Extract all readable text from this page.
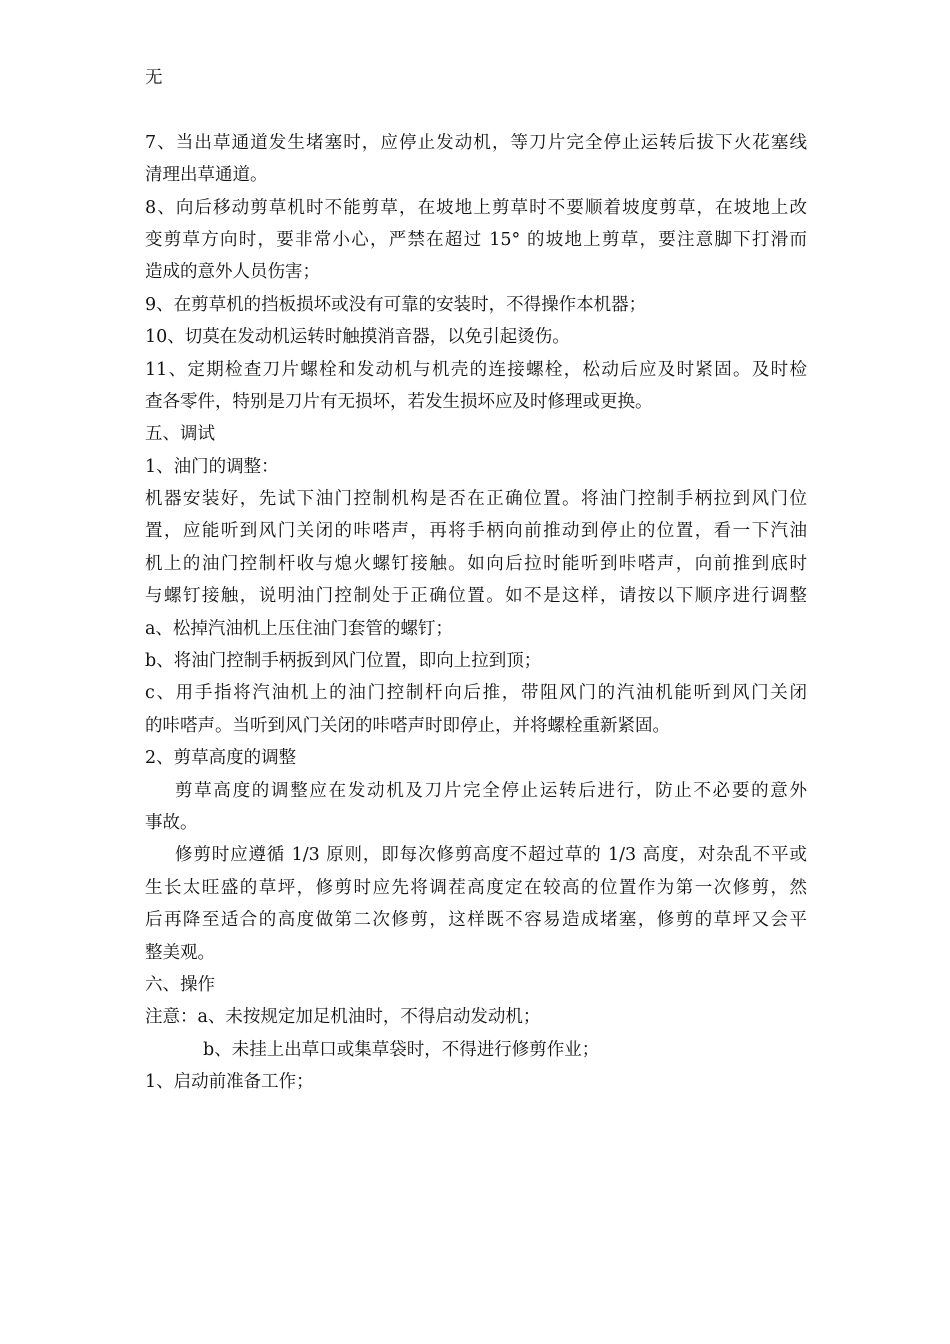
无
7、当出草通道发生堵塞时，应停止发动机，等刀片完全停止运转后拔下火花塞线
清理出草通道。
8、向后移动剪草机时不能剪草，在坡地上剪草时不要顺着坡度剪草，在坡地上改
变剪草方向时，要非常小心，严禁在超过 15° 的坡地上剪草，要注意脚下打滑而
造成的意外人员伤害；
9、在剪草机的挡板损坏或没有可靠的安装时，不得操作本机器；
10、切莫在发动机运转时触摸消音器，以免引起烫伤。
11、定期检查刀片螺栓和发动机与机壳的连接螺栓，松动后应及时紧固。及时检
查各零件，特别是刀片有无损坏，若发生损坏应及时修理或更换。
五、调试
1、油门的调整：
机器安装好，先试下油门控制机构是否在正确位置。将油门控制手柄拉到风门位
置，应能听到风门关闭的咔嗒声，再将手柄向前推动到停止的位置，看一下汽油
机上的油门控制杆收与熄火螺钉接触。如向后拉时能听到咔嗒声，向前推到底时
与螺钉接触，说明油门控制处于正确位置。如不是这样，请按以下顺序进行调整
a、松掉汽油机上压住油门套管的螺钉；
b、将油门控制手柄扳到风门位置，即向上拉到顶；
c、用手指将汽油机上的油门控制杆向后推，带阻风门的汽油机能听到风门关闭
的咔嗒声。当听到风门关闭的咔嗒声时即停止，并将螺栓重新紧固。
2、剪草高度的调整
剪草高度的调整应在发动机及刀片完全停止运转后进行，防止不必要的意外
事故。
修剪时应遵循 1/3 原则，即每次修剪高度不超过草的 1/3 高度，对杂乱不平或
生长太旺盛的草坪，修剪时应先将调茬高度定在较高的位置作为第一次修剪，然
后再降至适合的高度做第二次修剪，这样既不容易造成堵塞，修剪的草坪又会平
整美观。
六、操作
注意：a、未按规定加足机油时，不得启动发动机；
b、未挂上出草口或集草袋时，不得进行修剪作业；
1、启动前准备工作；
